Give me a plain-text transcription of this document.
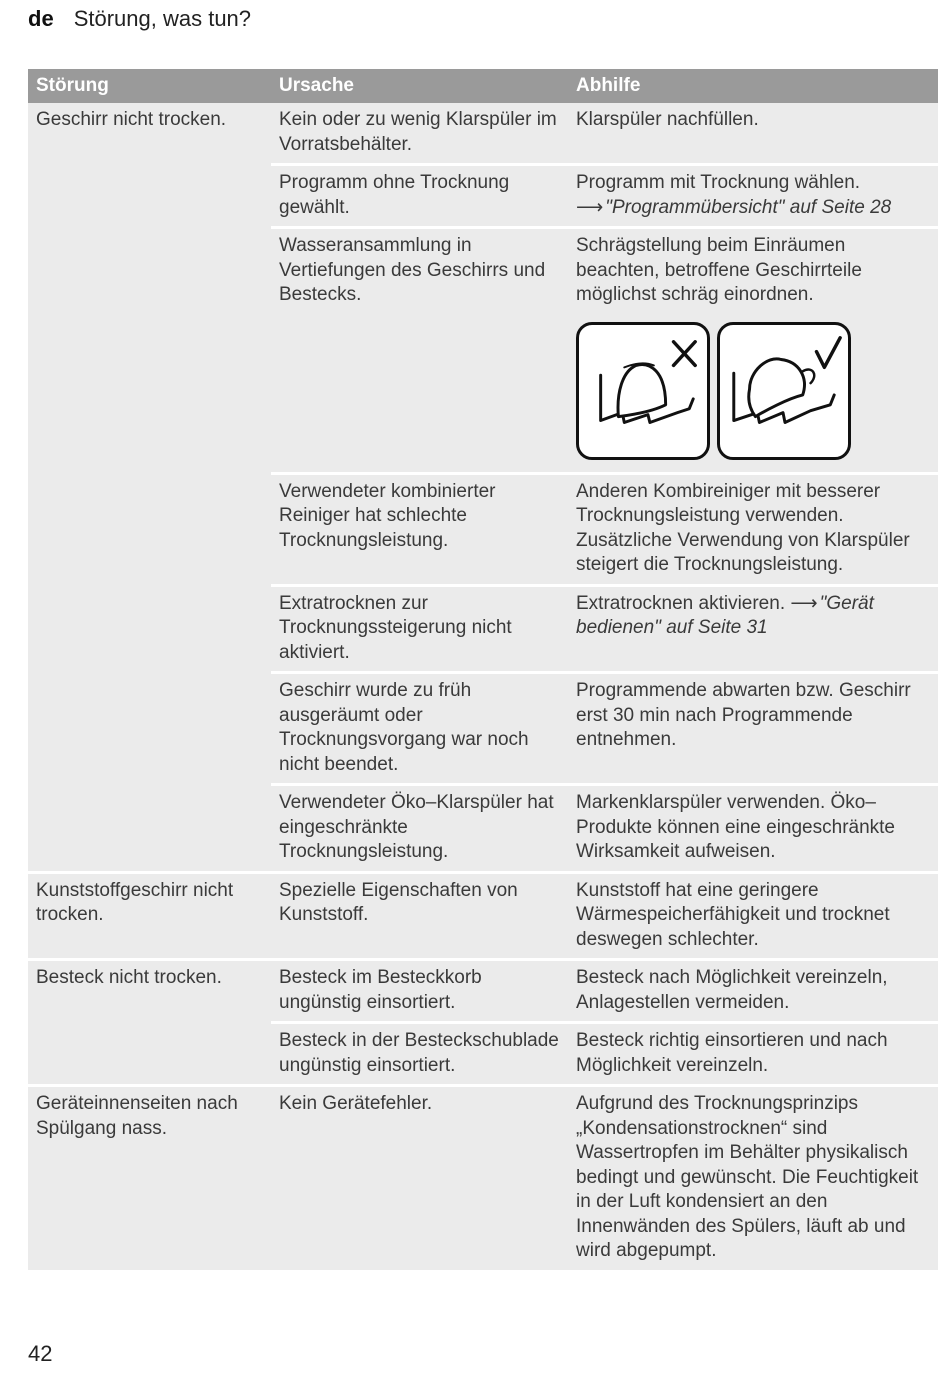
de Störung, was tun?
Störung	Ursache	Abhilfe
Geschirr nicht trocken.	Kein oder zu wenig Klarspüler im Vorratsbehälter.	Klarspüler nachfüllen.
	Programm ohne Trocknung gewählt.	Programm mit Trocknung wählen.
⟶ "Programmübersicht" auf Seite 28
	Wasseransammlung in Vertiefungen des Geschirrs und Bestecks.	Schrägstellung beim Einräumen beachten, betroffene Geschirrteile möglichst schräg einordnen.

	Verwendeter kombinierter Reiniger hat schlechte Trocknungsleistung.	Anderen Kombireiniger mit besserer Trocknungsleistung verwenden. Zusätzliche Verwendung von Klarspüler steigert die Trocknungsleistung.
	Extratrocknen zur Trocknungssteigerung nicht aktiviert.	Extratrocknen aktivieren. ⟶ "Gerät bedienen" auf Seite 31
	Geschirr wurde zu früh ausgeräumt oder Trocknungsvorgang war noch nicht beendet.	Programmende abwarten bzw. Geschirr erst 30 min nach Programmende entnehmen.
	Verwendeter Öko–Klarspüler hat eingeschränkte Trocknungsleistung.	Markenklarspüler verwenden. Öko–Produkte können eine eingeschränkte Wirksamkeit aufweisen.
Kunststoffgeschirr nicht trocken.	Spezielle Eigenschaften von Kunststoff.	Kunststoff hat eine geringere Wärmespeicherfähigkeit und trocknet deswegen schlechter.
Besteck nicht trocken.	Besteck im Besteckkorb ungünstig einsortiert.	Besteck nach Möglichkeit vereinzeln, Anlagestellen vermeiden.
	Besteck in der Besteckschublade ungünstig einsortiert.	Besteck richtig einsortieren und nach Möglichkeit vereinzeln.
Geräteinnenseiten nach Spülgang nass.	Kein Gerätefehler.	Aufgrund des Trocknungsprinzips „Kondensationstrocknen“ sind Wassertropfen im Behälter physikalisch bedingt und gewünscht. Die Feuchtigkeit in der Luft kondensiert an den Innenwänden des Spülers, läuft ab und wird abgepumpt.
42
